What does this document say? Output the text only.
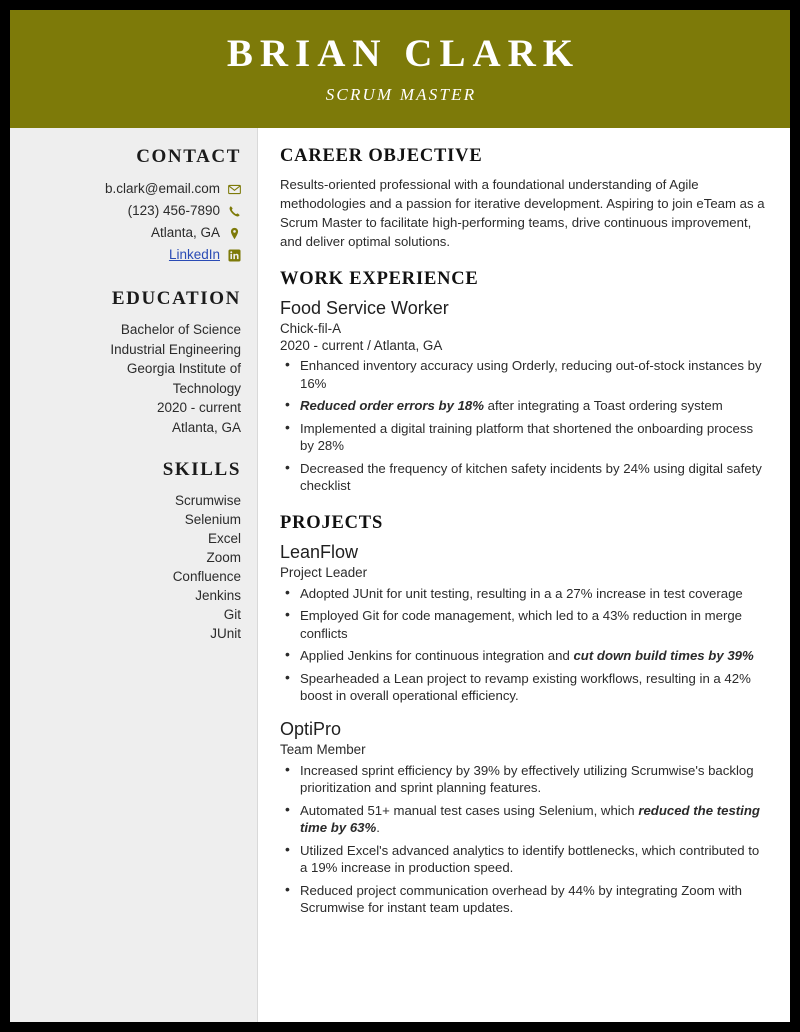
BRIAN CLARK
SCRUM MASTER
CONTACT
b.clark@email.com
(123) 456-7890
Atlanta, GA
LinkedIn
EDUCATION
Bachelor of Science
Industrial Engineering
Georgia Institute of
Technology
2020 - current
Atlanta, GA
SKILLS
Scrumwise
Selenium
Excel
Zoom
Confluence
Jenkins
Git
JUnit
CAREER OBJECTIVE
Results-oriented professional with a foundational understanding of Agile methodologies and a passion for iterative development. Aspiring to join eTeam as a Scrum Master to facilitate high-performing teams, drive continuous improvement, and deliver optimal solutions.
WORK EXPERIENCE
Food Service Worker
Chick-fil-A
2020 - current / Atlanta, GA
• Enhanced inventory accuracy using Orderly, reducing out-of-stock instances by 16%
• Reduced order errors by 18% after integrating a Toast ordering system
• Implemented a digital training platform that shortened the onboarding process by 28%
• Decreased the frequency of kitchen safety incidents by 24% using digital safety checklist
PROJECTS
LeanFlow
Project Leader
• Adopted JUnit for unit testing, resulting in a a 27% increase in test coverage
• Employed Git for code management, which led to a 43% reduction in merge conflicts
• Applied Jenkins for continuous integration and cut down build times by 39%
• Spearheaded a Lean project to revamp existing workflows, resulting in a 42% boost in overall operational efficiency.
OptiPro
Team Member
• Increased sprint efficiency by 39% by effectively utilizing Scrumwise's backlog prioritization and sprint planning features.
• Automated 51+ manual test cases using Selenium, which reduced the testing time by 63%.
• Utilized Excel's advanced analytics to identify bottlenecks, which contributed to a 19% increase in production speed.
• Reduced project communication overhead by 44% by integrating Zoom with Scrumwise for instant team updates.
